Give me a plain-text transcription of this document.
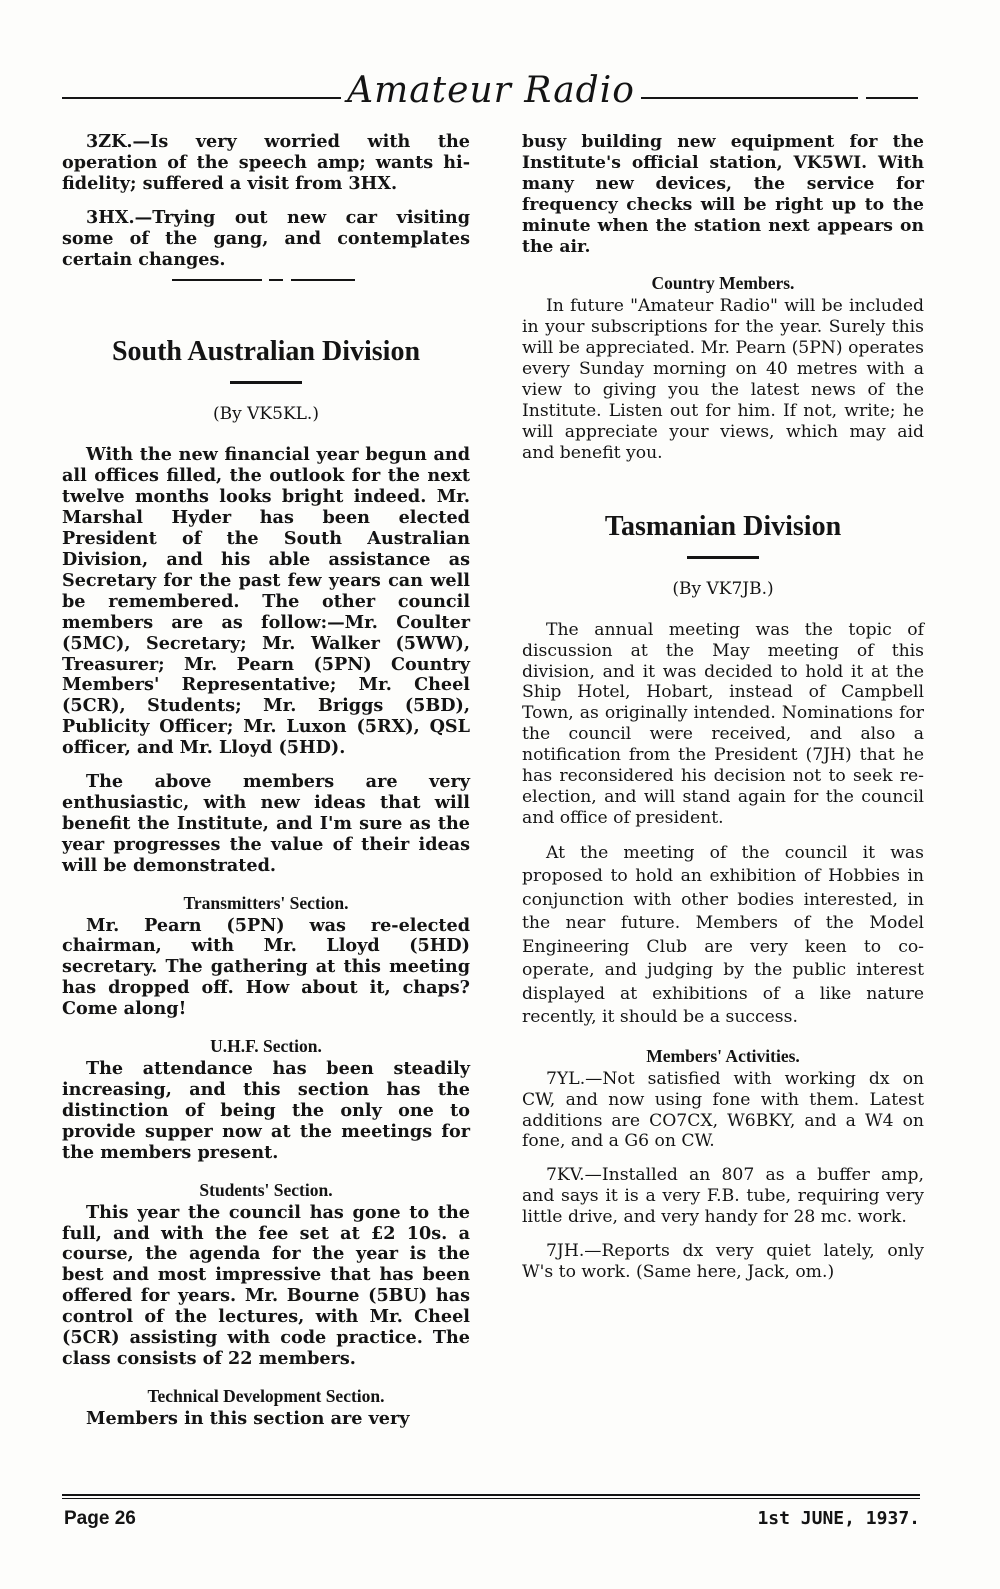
Amateur Radio

3ZK.—Is very worried with the operation of the speech amp; wants hi-fidelity; suffered a visit from 3HX.

3HX.—Trying out new car visiting some of the gang, and contemplates certain changes.

South Australian Division
(By VK5KL.)

With the new financial year begun and all offices filled, the outlook for the next twelve months looks bright indeed. Mr. Marshal Hyder has been elected President of the South Australian Division, and his able assistance as Secretary for the past few years can well be remembered. The other council members are as follow:—Mr. Coulter (5MC), Secretary; Mr. Walker (5WW), Treasurer; Mr. Pearn (5PN) Country Members' Representative; Mr. Cheel (5CR), Students; Mr. Briggs (5BD), Publicity Officer; Mr. Luxon (5RX), QSL officer, and Mr. Lloyd (5HD).

The above members are very enthusiastic, with new ideas that will benefit the Institute, and I'm sure as the year progresses the value of their ideas will be demonstrated.

Transmitters' Section.

Mr. Pearn (5PN) was re-elected chairman, with Mr. Lloyd (5HD) secretary. The gathering at this meeting has dropped off. How about it, chaps? Come along!

U.H.F. Section.

The attendance has been steadily increasing, and this section has the distinction of being the only one to provide supper now at the meetings for the members present.

Students' Section.

This year the council has gone to the full, and with the fee set at £2 10s. a course, the agenda for the year is the best and most impressive that has been offered for years. Mr. Bourne (5BU) has control of the lectures, with Mr. Cheel (5CR) assisting with code practice. The class consists of 22 members.

Technical Development Section.

Members in this section are very

busy building new equipment for the Institute's official station, VK5WI. With many new devices, the service for frequency checks will be right up to the minute when the station next appears on the air.

Country Members.

In future "Amateur Radio" will be included in your subscriptions for the year. Surely this will be appreciated. Mr. Pearn (5PN) operates every Sunday morning on 40 metres with a view to giving you the latest news of the Institute. Listen out for him. If not, write; he will appreciate your views, which may aid and benefit you.

Tasmanian Division
(By VK7JB.)

The annual meeting was the topic of discussion at the May meeting of this division, and it was decided to hold it at the Ship Hotel, Hobart, instead of Campbell Town, as originally intended. Nominations for the council were received, and also a notification from the President (7JH) that he has reconsidered his decision not to seek re-election, and will stand again for the council and office of president.

At the meeting of the council it was proposed to hold an exhibition of Hobbies in conjunction with other bodies interested, in the near future. Members of the Model Engineering Club are very keen to co-operate, and judging by the public interest displayed at exhibitions of a like nature recently, it should be a success.

Members' Activities.

7YL.—Not satisfied with working dx on CW, and now using fone with them. Latest additions are CO7CX, W6BKY, and a W4 on fone, and a G6 on CW.

7KV.—Installed an 807 as a buffer amp, and says it is a very F.B. tube, requiring very little drive, and very handy for 28 mc. work.

7JH.—Reports dx very quiet lately, only W's to work. (Same here, Jack, om.)

Page 26	1st JUNE, 1937.
